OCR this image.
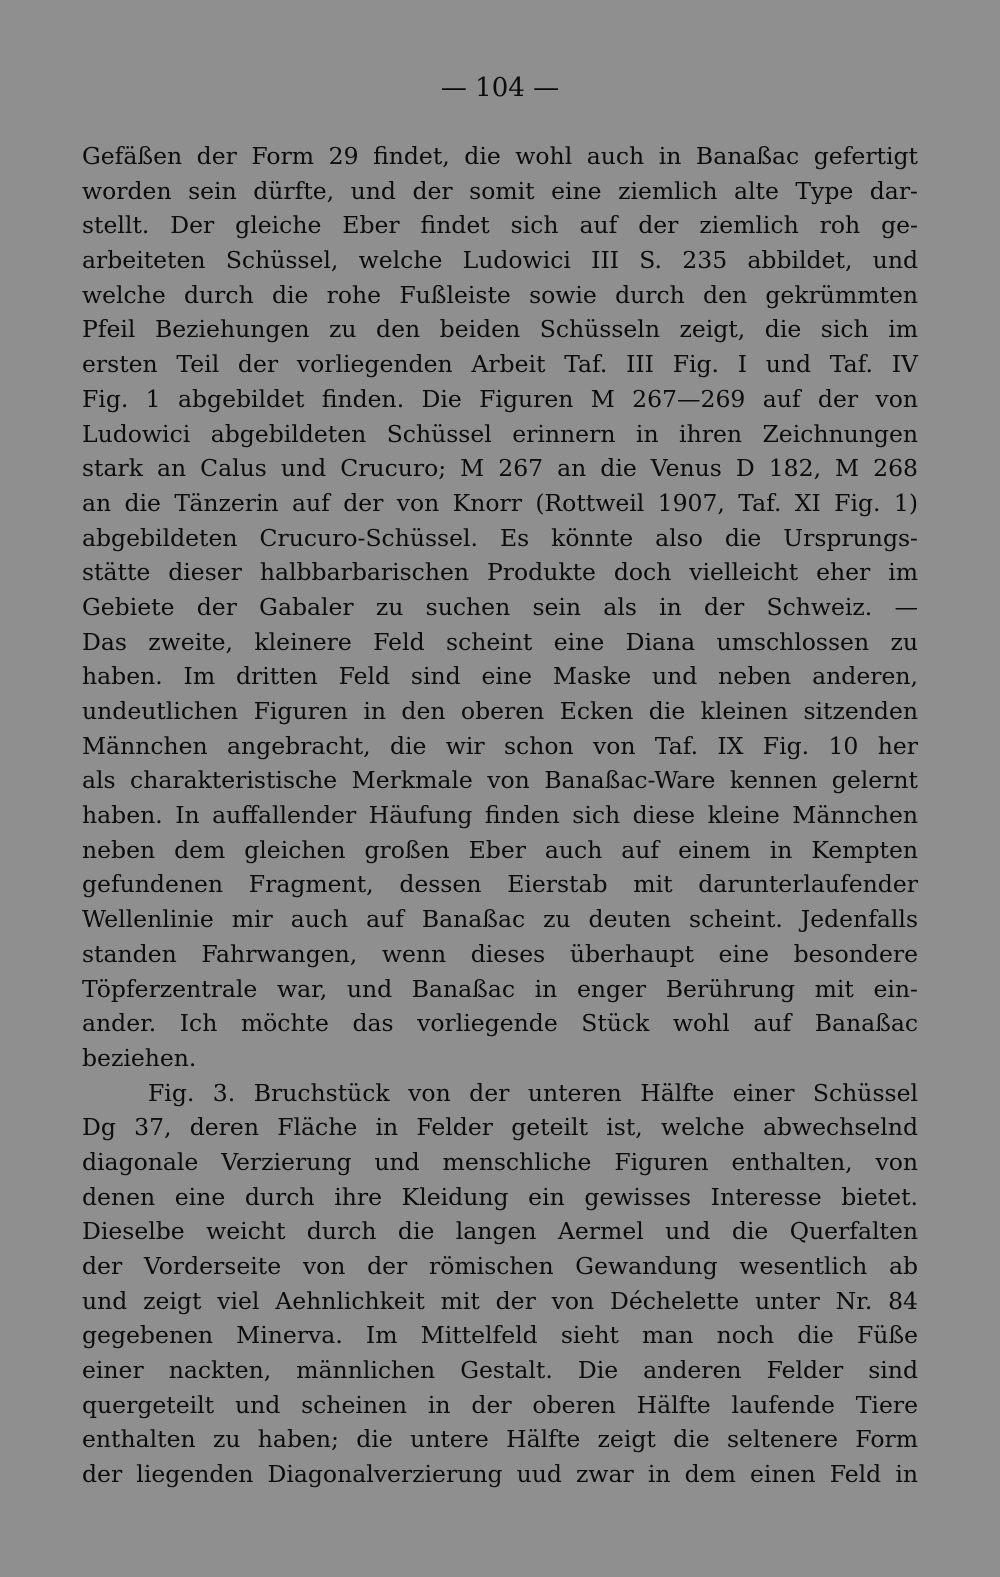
— 104 —
Gefäßen der Form 29 findet, die wohl auch in Banaßac gefertigt
worden sein dürfte, und der somit eine ziemlich alte Type dar-
stellt. Der gleiche Eber findet sich auf der ziemlich roh ge-
arbeiteten Schüssel, welche Ludowici III S. 235 abbildet, und
welche durch die rohe Fußleiste sowie durch den gekrümmten
Pfeil Beziehungen zu den beiden Schüsseln zeigt, die sich im
ersten Teil der vorliegenden Arbeit Taf. III Fig. I und Taf. IV
Fig. 1 abgebildet finden. Die Figuren M 267—269 auf der von
Ludowici abgebildeten Schüssel erinnern in ihren Zeichnungen
stark an Calus und Crucuro; M 267 an die Venus D 182, M 268
an die Tänzerin auf der von Knorr (Rottweil 1907, Taf. XI Fig. 1)
abgebildeten Crucuro-Schüssel. Es könnte also die Ursprungs-
stätte dieser halbbarbarischen Produkte doch vielleicht eher im
Gebiete der Gabaler zu suchen sein als in der Schweiz. —
Das zweite, kleinere Feld scheint eine Diana umschlossen zu
haben. Im dritten Feld sind eine Maske und neben anderen,
undeutlichen Figuren in den oberen Ecken die kleinen sitzenden
Männchen angebracht, die wir schon von Taf. IX Fig. 10 her
als charakteristische Merkmale von Banaßac-Ware kennen gelernt
haben. In auffallender Häufung finden sich diese kleine Männchen
neben dem gleichen großen Eber auch auf einem in Kempten
gefundenen Fragment, dessen Eierstab mit darunterlaufender
Wellenlinie mir auch auf Banaßac zu deuten scheint. Jedenfalls
standen Fahrwangen, wenn dieses überhaupt eine besondere
Töpferzentrale war, und Banaßac in enger Berührung mit ein-
ander. Ich möchte das vorliegende Stück wohl auf Banaßac
beziehen.
Fig. 3. Bruchstück von der unteren Hälfte einer Schüssel
Dg 37, deren Fläche in Felder geteilt ist, welche abwechselnd
diagonale Verzierung und menschliche Figuren enthalten, von
denen eine durch ihre Kleidung ein gewisses Interesse bietet.
Dieselbe weicht durch die langen Aermel und die Querfalten
der Vorderseite von der römischen Gewandung wesentlich ab
und zeigt viel Aehnlichkeit mit der von Déchelette unter Nr. 84
gegebenen Minerva. Im Mittelfeld sieht man noch die Füße
einer nackten, männlichen Gestalt. Die anderen Felder sind
quergeteilt und scheinen in der oberen Hälfte laufende Tiere
enthalten zu haben; die untere Hälfte zeigt die seltenere Form
der liegenden Diagonalverzierung uud zwar in dem einen Feld in
